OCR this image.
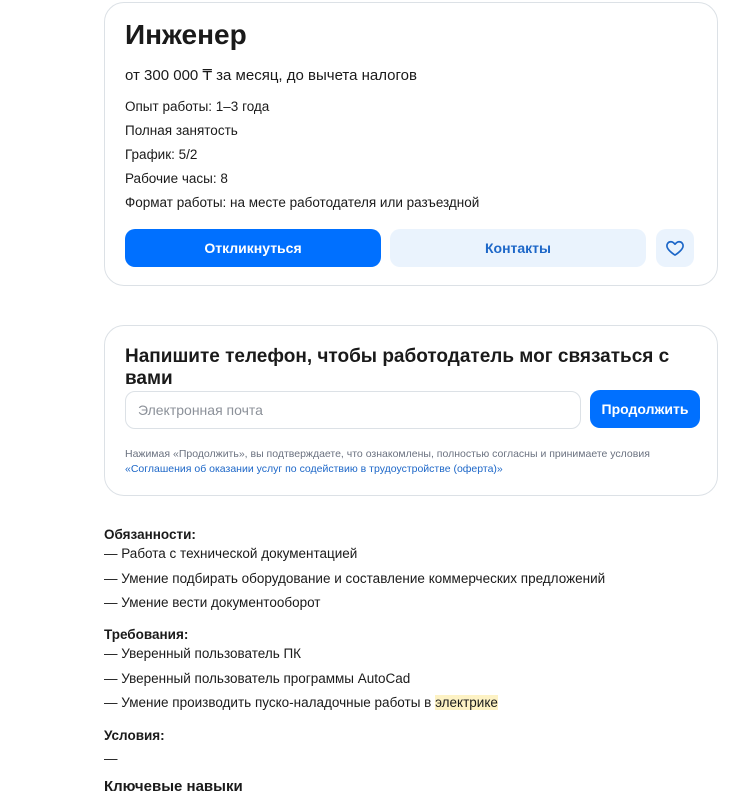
Инженер
от 300 000 ₸ за месяц, до вычета налогов
Опыт работы: 1–3 года
Полная занятость
График: 5/2
Рабочие часы: 8
Формат работы: на месте работодателя или разъездной
Откликнуться	Контакты
Напишите телефон, чтобы работодатель мог связаться с вами
Электронная почта
Продолжить
Нажимая «Продолжить», вы подтверждаете, что ознакомлены, полностью согласны и принимаете условия «Соглашения об оказании услуг по содействию в трудоустройстве (оферта)»
Обязанности:
— Работа с технической документацией
— Умение подбирать оборудование и составление коммерческих предложений
— Умение вести документооборот
Требования:
— Уверенный пользователь ПК
— Уверенный пользователь программы AutoCad
— Умение производить пуско-наладочные работы в электрике
Условия:
—
Ключевые навыки
